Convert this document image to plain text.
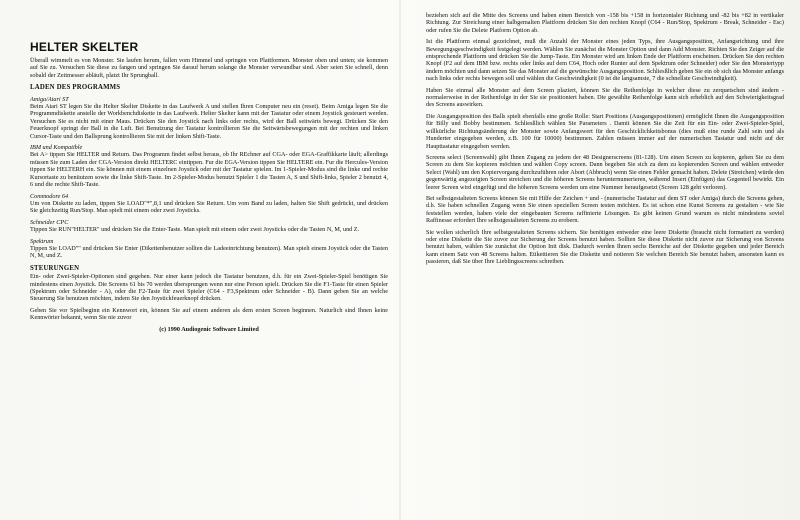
HELTER SKELTER

Überall wimmelt es von Monster. Sie laufen herum, fallen vom Himmel und springen von Plattformen. Monster oben und unten; sie kommen auf Sie zu. Versuchen Sie diese zu fangen und springen Sie darauf herum solange die Monster verwundbar sind. Aber seien Sie schnell, denn sobald der Zeitmesser abläuft, platzt Ihr Sprungball.

LADEN DES PROGRAMMS
Amiga/Atari ST

Beim Atari ST legen Sie die Helter Skelter Diskette in das Laufwerk A und stellen Ihren Computer neu ein (reset). Beim Amiga legen Sie die Programmdiskette anstelle der Workbenchdiskette in das Laufwerk. Helter Skelter kann mit der Tastatur oder einem Joystick gesteuert werden. Versuchen Sie es nicht mit einer Maus. Drücken Sie den Joystick nach links oder rechts, wird der Ball seitwärts bewegt. Drücken Sie den Feuerknopf springt der Ball in die Luft. Bei Benutzung der Tastatur kontrollieren Sie die Seitwärtsbewegungen mit der rechten und linken Cursor-Taste und den Ballsprung kontrollieren Sie mit der linken Shift-Taste.

IBM und Kompatible

Bei A> tippen Sie HELTER und Return. Das Programm findet selbst heraus, ob Ihr REchner auf CGA- oder EGA-Graffikkarte läuft; allerdings müssen Sie zum Laden der CGA-Version direkt HELTERC eintippen. Fur die EGA-Version tippen Sie HELTERE ein. Fur die Hercules-Version tippen Sie HELTERH ein. Sie können mit einem einzelnen Joystick oder mit der Tastatur spielen. Im 1-Spieler-Modus sind die linke und rechte Kursortaste zu benüutzen sowie die linke Shift-Taste. Im 2-Spieler-Modus benutzt Spieler 1 die Tasten A, S und Shift-links, Spieler 2 benutzt 4, 6 und die rechte Shift-Taste.

Commodore 64

Um von Diskette zu laden, tippen Sie LOAD"*",8,1 und drücken Sie Return. Um vom Band zu laden, halten Sie Shift gedrückt, und drücken Sie gleichzeitig Run/Stop. Man spielt mit einem oder zwei Joysticks.

Schneider CPC

Tippen Sie RUN"HELTER" und drücken Sie die Enter-Taste. Man spielt mit einem oder zwei Joysticks oder die Tasten N, M, und Z.

Spektrum

Tippen Sie LOAD"" und drücken Sie Enter (Dikettenbenutzer sollten die Ladeeinrichtung benutzen). Man spielt einem Joystick oder die Tasten N, M, und Z.

STEURUNGEN

Ein- oder Zwei-Spieler-Optionen sind gegeben. Nur einer kann jedoch die Tastatur benutzen, d.h. für ein Zwei-Spieler-Spiel benötigen Sie mindestens einen Joystick. Die Screens 61 bis 70 werden übersprungen wenn nur eine Person spielt. Drücken Sie die F1-Taste für einen Spieler (Spektrum oder Schneider - A), oder die F2-Taste für zwei Spieler (C64 - F3,Spektrum oder Schneider - B). Dann geben Sie an welche Steuerung Sie benutzen möchten, indem Sie den Joystickfeuerknopf drücken.

Geben Sie vor Spielbeginn ein Kennwort ein, können Sie auf einem anderen als dem ersten Screen beginnen. Naturlich sind Ihnen keine Kennwörter bekannt, wenn Sie nie zuvor

(c) 1990 Audiogenic Software Limited

beziehen sich auf die Mitte des Screens und haben einen Bereich von -158 bis +158 in horizontaler Richtung und -82 bis +82 in vertikaler Richtung. Zur Streichung einer halbgemalten Plattform drücken Sie den rechten Knopf (C64 - Run/Stop, Spektrum - Break, Schneider - Esc) oder rufen Sie die Delete Platform Option ab.

Ist die Plattform einmal gezeichnet, muß die Anzahl der Monster eines jeden Typs, ihre Ausgangsposition, Anfangsrichtung und ihre Bewegungsgeschwindigkeit festgelegt werden. Wählen Sie zunächst die Monster Option und dann Add Monster. Richten Sie den Zeiger auf die entsprechende Plattform und drücken Sie die Jump-Taste. Ein Monster wird am linken Ende der Plattform erscheinen. Drücken Sie den rechten Knopf (F2 auf dem IBM bzw. rechts oder links auf dem C64, Hoch oder Runter auf dem Spektrum oder Schneider) oder Sie den Monstertypp ändern möchten und dann setzen Sie das Monster auf die gewünschte Ausgangsposition. Schliesßlich geben Sie ein ob sich das Monster anfangs nach links oder rechts bewegen soll und wählen die Geschwindigkeit (0 ist die langsamste, 7 die schnellste Geschwindigkeit).

Haben Sie einmal alle Monster auf dem Screen plaziert, können Sie die Reihenfolge in welcher diese zu zerquetschen sind ändern - normalerweise in der Reihenfolge in der Sie sie positioniert haben. Die gewählte Reihenfolge kann sich erheblich auf den Schwierigkeitsgrad des Screens auswirken.

Die Ausgangsposition des Balls spielt ebenfalls eine große Rolle: Start Positions (Ausgangspositionen) ermöglicht Ihnen die Ausgangsposition für Billy und Bobby bestimmen. Schliesßlich wählen Sie Parameters . Damit können Sie die Zeit für ein Ein- oder Zwei-Spieler-Spiel, willkürliche Richtungsänderung der Monster sowie Anfangswert für den Geschicklichkeitsbonus (dies muß eine runde Zahl sein und als Hunderter eingegeben werden, z.B. 100 für 10000) bestimmen. Zahlen müssen immer auf der numerischen Tastatur und nicht auf der Haupttastatur eingegeben werden.

Screens select (Screenwahl) gibt Ihnen Zugang zu jedem der 48 Designerscreens (81-128). Um einen Screen zu kopieren, gehen Sie zu dem Screen zu dem Sie kopieren möchten und wählen Copy screen. Dann begeben Sie sich zu dem zu kopierenden Screen und wählen entweder Select (Wahl) um den Kopiervorgang durchzuführen oder Abort (Abbruch) wenn Sie einen Fehler gemacht haben. Delete (Streichen) würde den gegenwärtig angezeigten Screen streichen und die höheren Screens herunternumerieren, während Insert (Einfügen) das Gegenteil bewirkt. Ein leerer Screen wird eingefügt und die höheren Screens werden um eine Nummer heraufgesetzt (Screen 128 geht verloren).

Bei selbstgestalteten Screens können Sie mit Hilfe der Zeichen + und - (numerische Tastatur auf dem ST oder Amiga) durch die Screens gehen, d.h. Sie haben schnellen Zugang wenn Sie einen speziellen Screen testen möchten. Es ist schon eine Kunst Screens zu gestalten - wie Sie feststellen werden, haben viele der eingebauten Screens raffinierte Lösungen. Es gibt keinen Grund warum es nicht mindestens soviel Raffinesse erfordert Ihre selbstgestalteten Screens zu erobern.

Sie wollen sicherlich Ihre selbstgestalteten Screens sichern. Sie benötigen entweder eine leere Diskette (braucht nicht formatiert zu werden) oder eine Diskette die Sie zuvor zur Sicherung der Screens benutzt haben. Sollten Sie diese Diskette nicht zuvor zur Sicherung von Screens benutzt haben, wählen Sie zunächst die Option Init disk. Dadurch werden Ihnen sechs Bereiche auf der Diskette gegeben und jeder Bereich kann einem Satz von 48 Screens halten. Etikettieren Sie die Diskette und notieren Sie welchen Bereich Sie benutzt haben, ansonsten kann es passieren, daß Sie über Ihre Lieblingsscreens schreiben.
